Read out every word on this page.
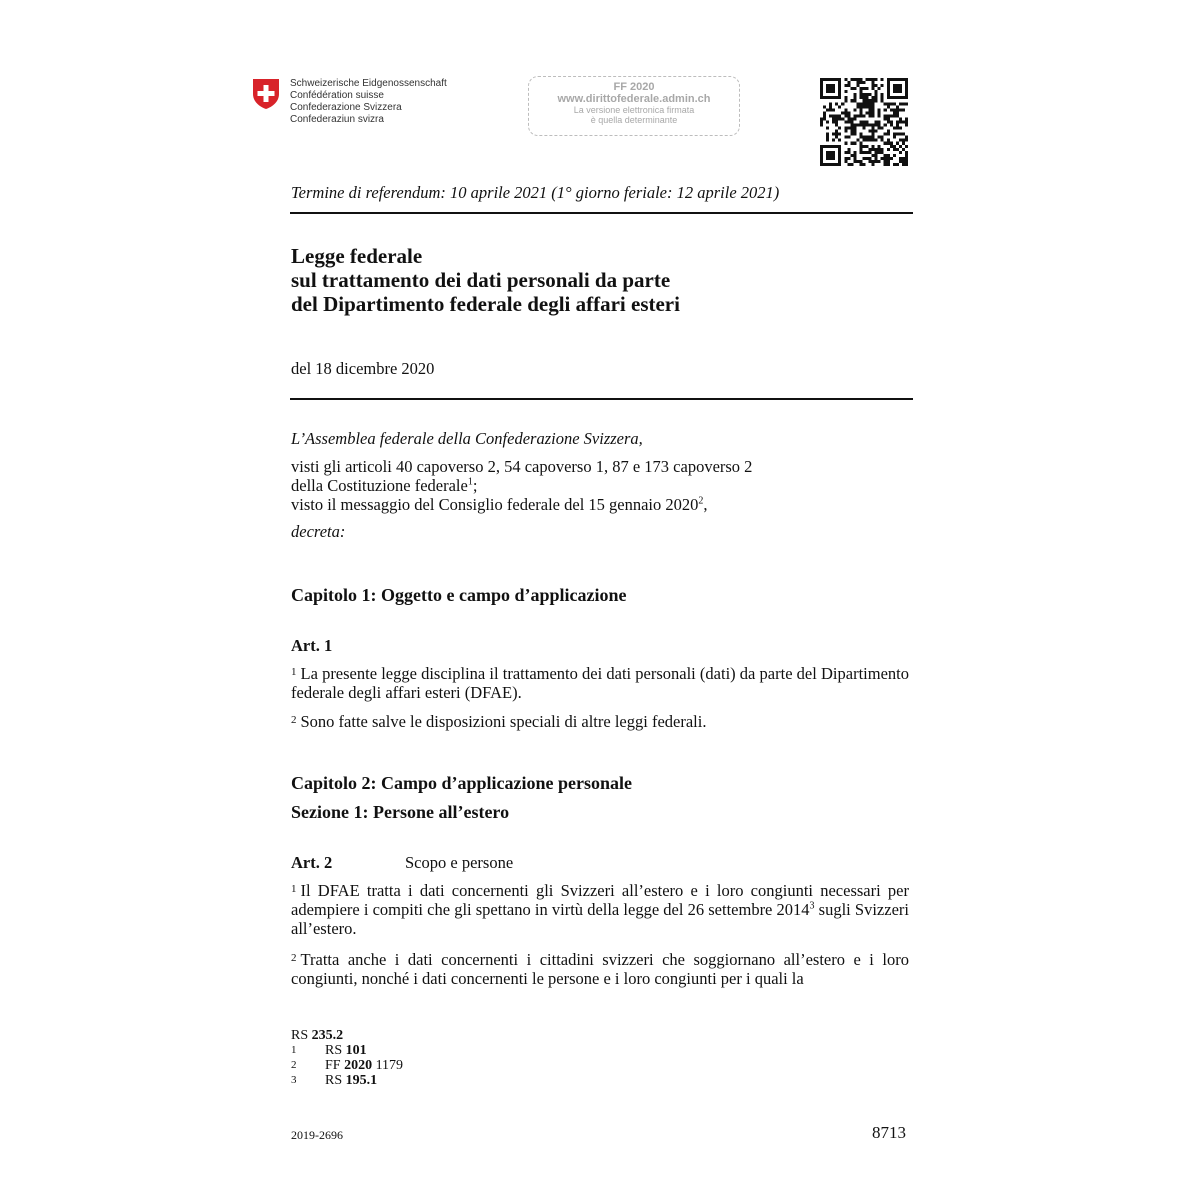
Schweizerische Eidgenossenschaft
Confédération suisse
Confederazione Svizzera
Confederaziun svizra
FF 2020
www.dirittofederale.admin.ch
La versione elettronica firmata
è quella determinante
Termine di referendum: 10 aprile 2021 (1° giorno feriale: 12 aprile 2021)
Legge federale
sul trattamento dei dati personali da parte
del Dipartimento federale degli affari esteri
del 18 dicembre 2020
L’Assemblea federale della Confederazione Svizzera,
visti gli articoli 40 capoverso 2, 54 capoverso 1, 87 e 173 capoverso 2
della Costituzione federale$^1$;
visto il messaggio del Consiglio federale del 15 gennaio 2020$^2$,
decreta:
Capitolo 1: Oggetto e campo d’applicazione
Art. 1
$^1$ La presente legge disciplina il trattamento dei dati personali (dati) da parte del Dipartimento federale degli affari esteri (DFAE).
$^2$ Sono fatte salve le disposizioni speciali di altre leggi federali.
Capitolo 2: Campo d’applicazione personale
Sezione 1: Persone all’estero
Art. 2	Scopo e persone
$^1$ Il DFAE tratta i dati concernenti gli Svizzeri all’estero e i loro congiunti necessari per adempiere i compiti che gli spettano in virtù della legge del 26 settembre 2014$^3$ sugli Svizzeri all’estero.
$^2$ Tratta anche i dati concernenti i cittadini svizzeri che soggiornano all’estero e i loro congiunti, nonché i dati concernenti le persone e i loro congiunti per i quali la
RS 235.2
1	RS 101
2	FF 2020 1179
3	RS 195.1
2019-2696	8713
